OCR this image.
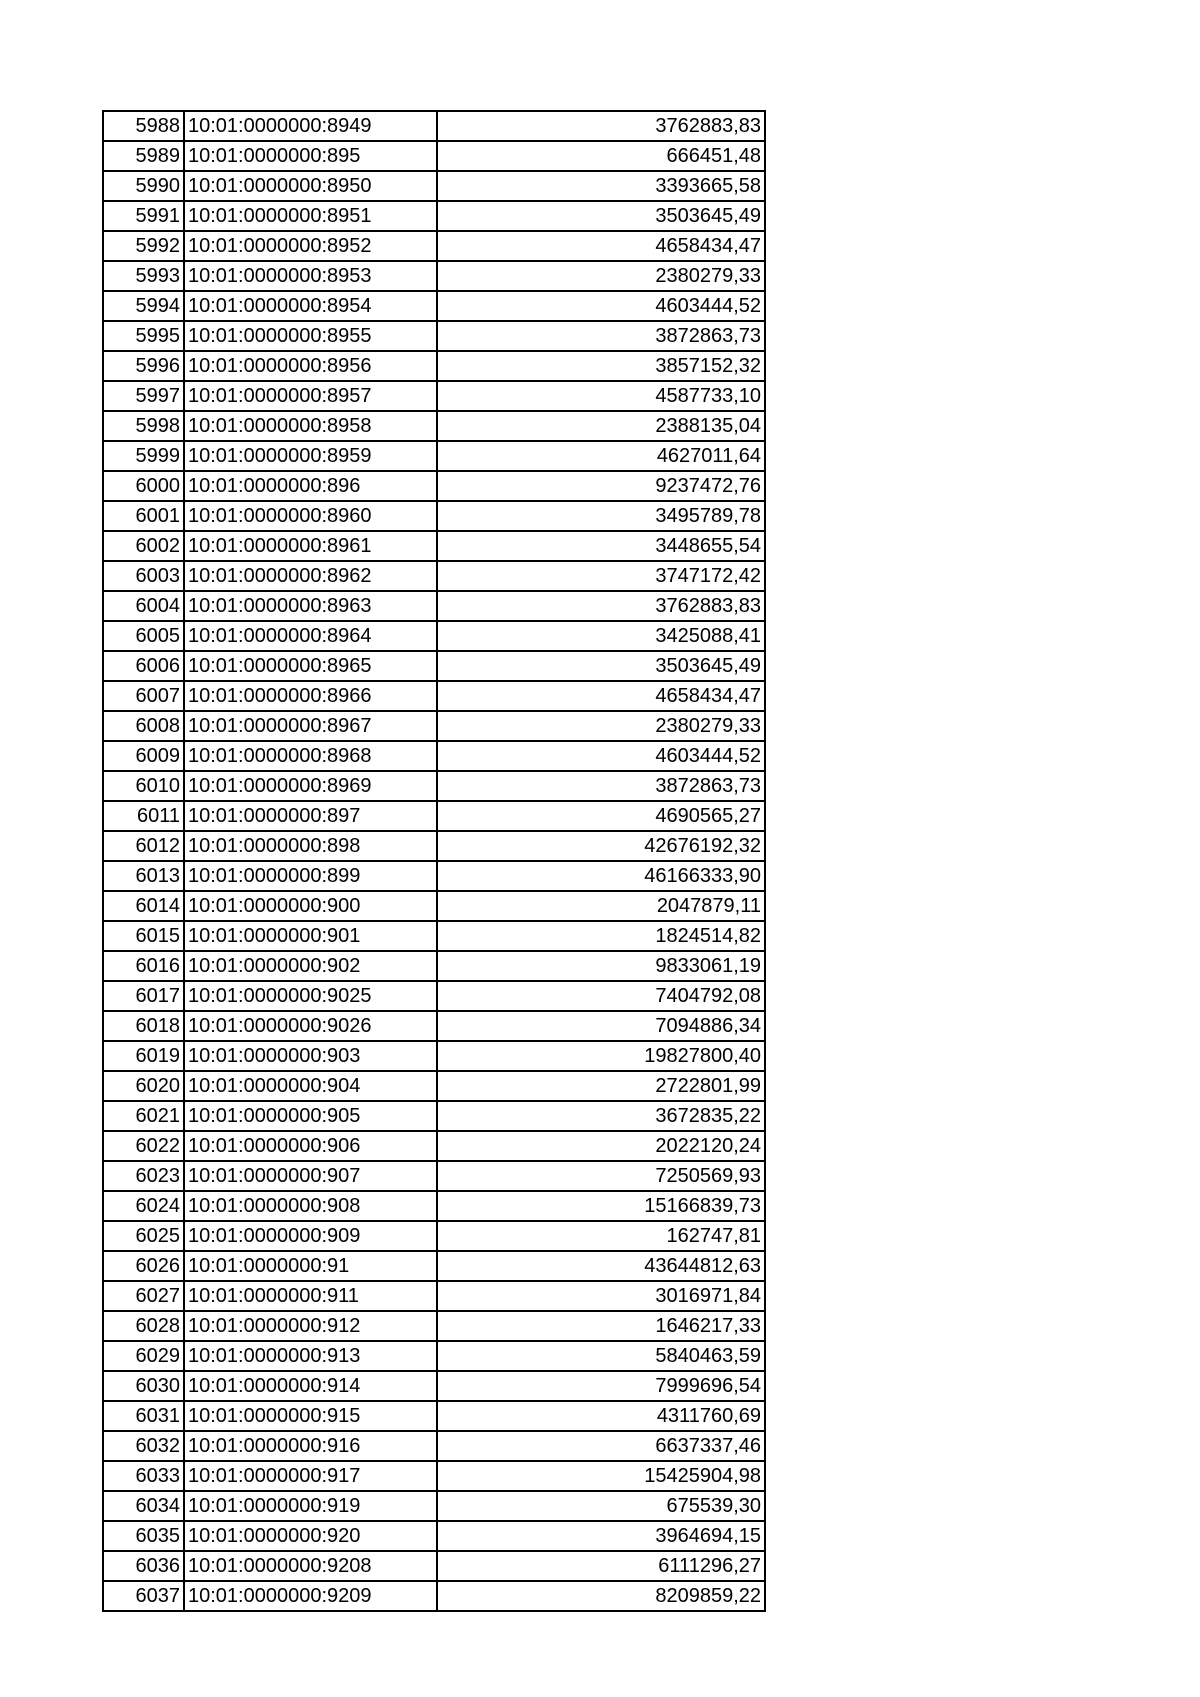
5988	10:01:0000000:8949	3762883,83
5989	10:01:0000000:895	666451,48
5990	10:01:0000000:8950	3393665,58
5991	10:01:0000000:8951	3503645,49
5992	10:01:0000000:8952	4658434,47
5993	10:01:0000000:8953	2380279,33
5994	10:01:0000000:8954	4603444,52
5995	10:01:0000000:8955	3872863,73
5996	10:01:0000000:8956	3857152,32
5997	10:01:0000000:8957	4587733,10
5998	10:01:0000000:8958	2388135,04
5999	10:01:0000000:8959	4627011,64
6000	10:01:0000000:896	9237472,76
6001	10:01:0000000:8960	3495789,78
6002	10:01:0000000:8961	3448655,54
6003	10:01:0000000:8962	3747172,42
6004	10:01:0000000:8963	3762883,83
6005	10:01:0000000:8964	3425088,41
6006	10:01:0000000:8965	3503645,49
6007	10:01:0000000:8966	4658434,47
6008	10:01:0000000:8967	2380279,33
6009	10:01:0000000:8968	4603444,52
6010	10:01:0000000:8969	3872863,73
6011	10:01:0000000:897	4690565,27
6012	10:01:0000000:898	42676192,32
6013	10:01:0000000:899	46166333,90
6014	10:01:0000000:900	2047879,11
6015	10:01:0000000:901	1824514,82
6016	10:01:0000000:902	9833061,19
6017	10:01:0000000:9025	7404792,08
6018	10:01:0000000:9026	7094886,34
6019	10:01:0000000:903	19827800,40
6020	10:01:0000000:904	2722801,99
6021	10:01:0000000:905	3672835,22
6022	10:01:0000000:906	2022120,24
6023	10:01:0000000:907	7250569,93
6024	10:01:0000000:908	15166839,73
6025	10:01:0000000:909	162747,81
6026	10:01:0000000:91	43644812,63
6027	10:01:0000000:911	3016971,84
6028	10:01:0000000:912	1646217,33
6029	10:01:0000000:913	5840463,59
6030	10:01:0000000:914	7999696,54
6031	10:01:0000000:915	4311760,69
6032	10:01:0000000:916	6637337,46
6033	10:01:0000000:917	15425904,98
6034	10:01:0000000:919	675539,30
6035	10:01:0000000:920	3964694,15
6036	10:01:0000000:9208	6111296,27
6037	10:01:0000000:9209	8209859,22
